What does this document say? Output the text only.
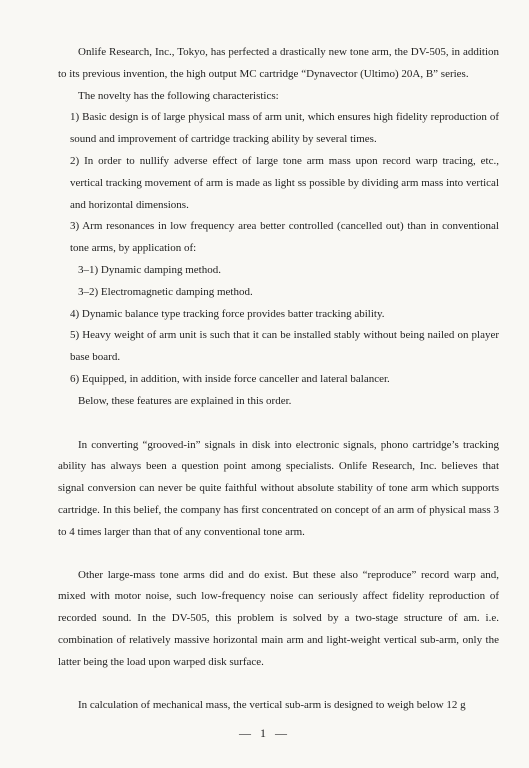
Onlife Research, Inc., Tokyo, has perfected a drastically new tone arm, the DV-505, in addition to its previous invention, the high output MC cartridge “Dynavector (Ultimo) 20A, B” series.

The novelty has the following characteristics:

1) Basic design is of large physical mass of arm unit, which ensures high fidelity reproduction of sound and improvement of cartridge tracking ability by several times.

2) In order to nullify adverse effect of large tone arm mass upon record warp tracing, etc., vertical tracking movement of arm is made as light ss possible by dividing arm mass into vertical and horizontal dimensions.

3) Arm resonances in low frequency area better controlled (cancelled out) than in conventional tone arms, by application of:

3–1) Dynamic damping method.

3–2) Electromagnetic damping method.

4) Dynamic balance type tracking force provides batter tracking ability.

5) Heavy weight of arm unit is such that it can be installed stably without being nailed on player base board.

6) Equipped, in addition, with inside force canceller and lateral balancer.

Below, these features are explained in this order.

In converting “grooved-in” signals in disk into electronic signals, phono cartridge’s tracking ability has always been a question point among specialists. Onlife Research, Inc. believes that signal conversion can never be quite faithful without absolute stability of tone arm which supports cartridge. In this belief, the company has first concentrated on concept of an arm of physical mass 3 to 4 times larger than that of any conventional tone arm.

Other large-mass tone arms did and do exist. But these also “reproduce” record warp and, mixed with motor noise, such low-frequency noise can seriously affect fidelity reproduction of recorded sound. In the DV-505, this problem is solved by a two-stage structure of am. i.e. combination of relatively massive horizontal main arm and light-weight vertical sub-arm, only the latter being the load upon warped disk surface.

In calculation of mechanical mass, the vertical sub-arm is designed to weigh below 12 g

— 1 —
